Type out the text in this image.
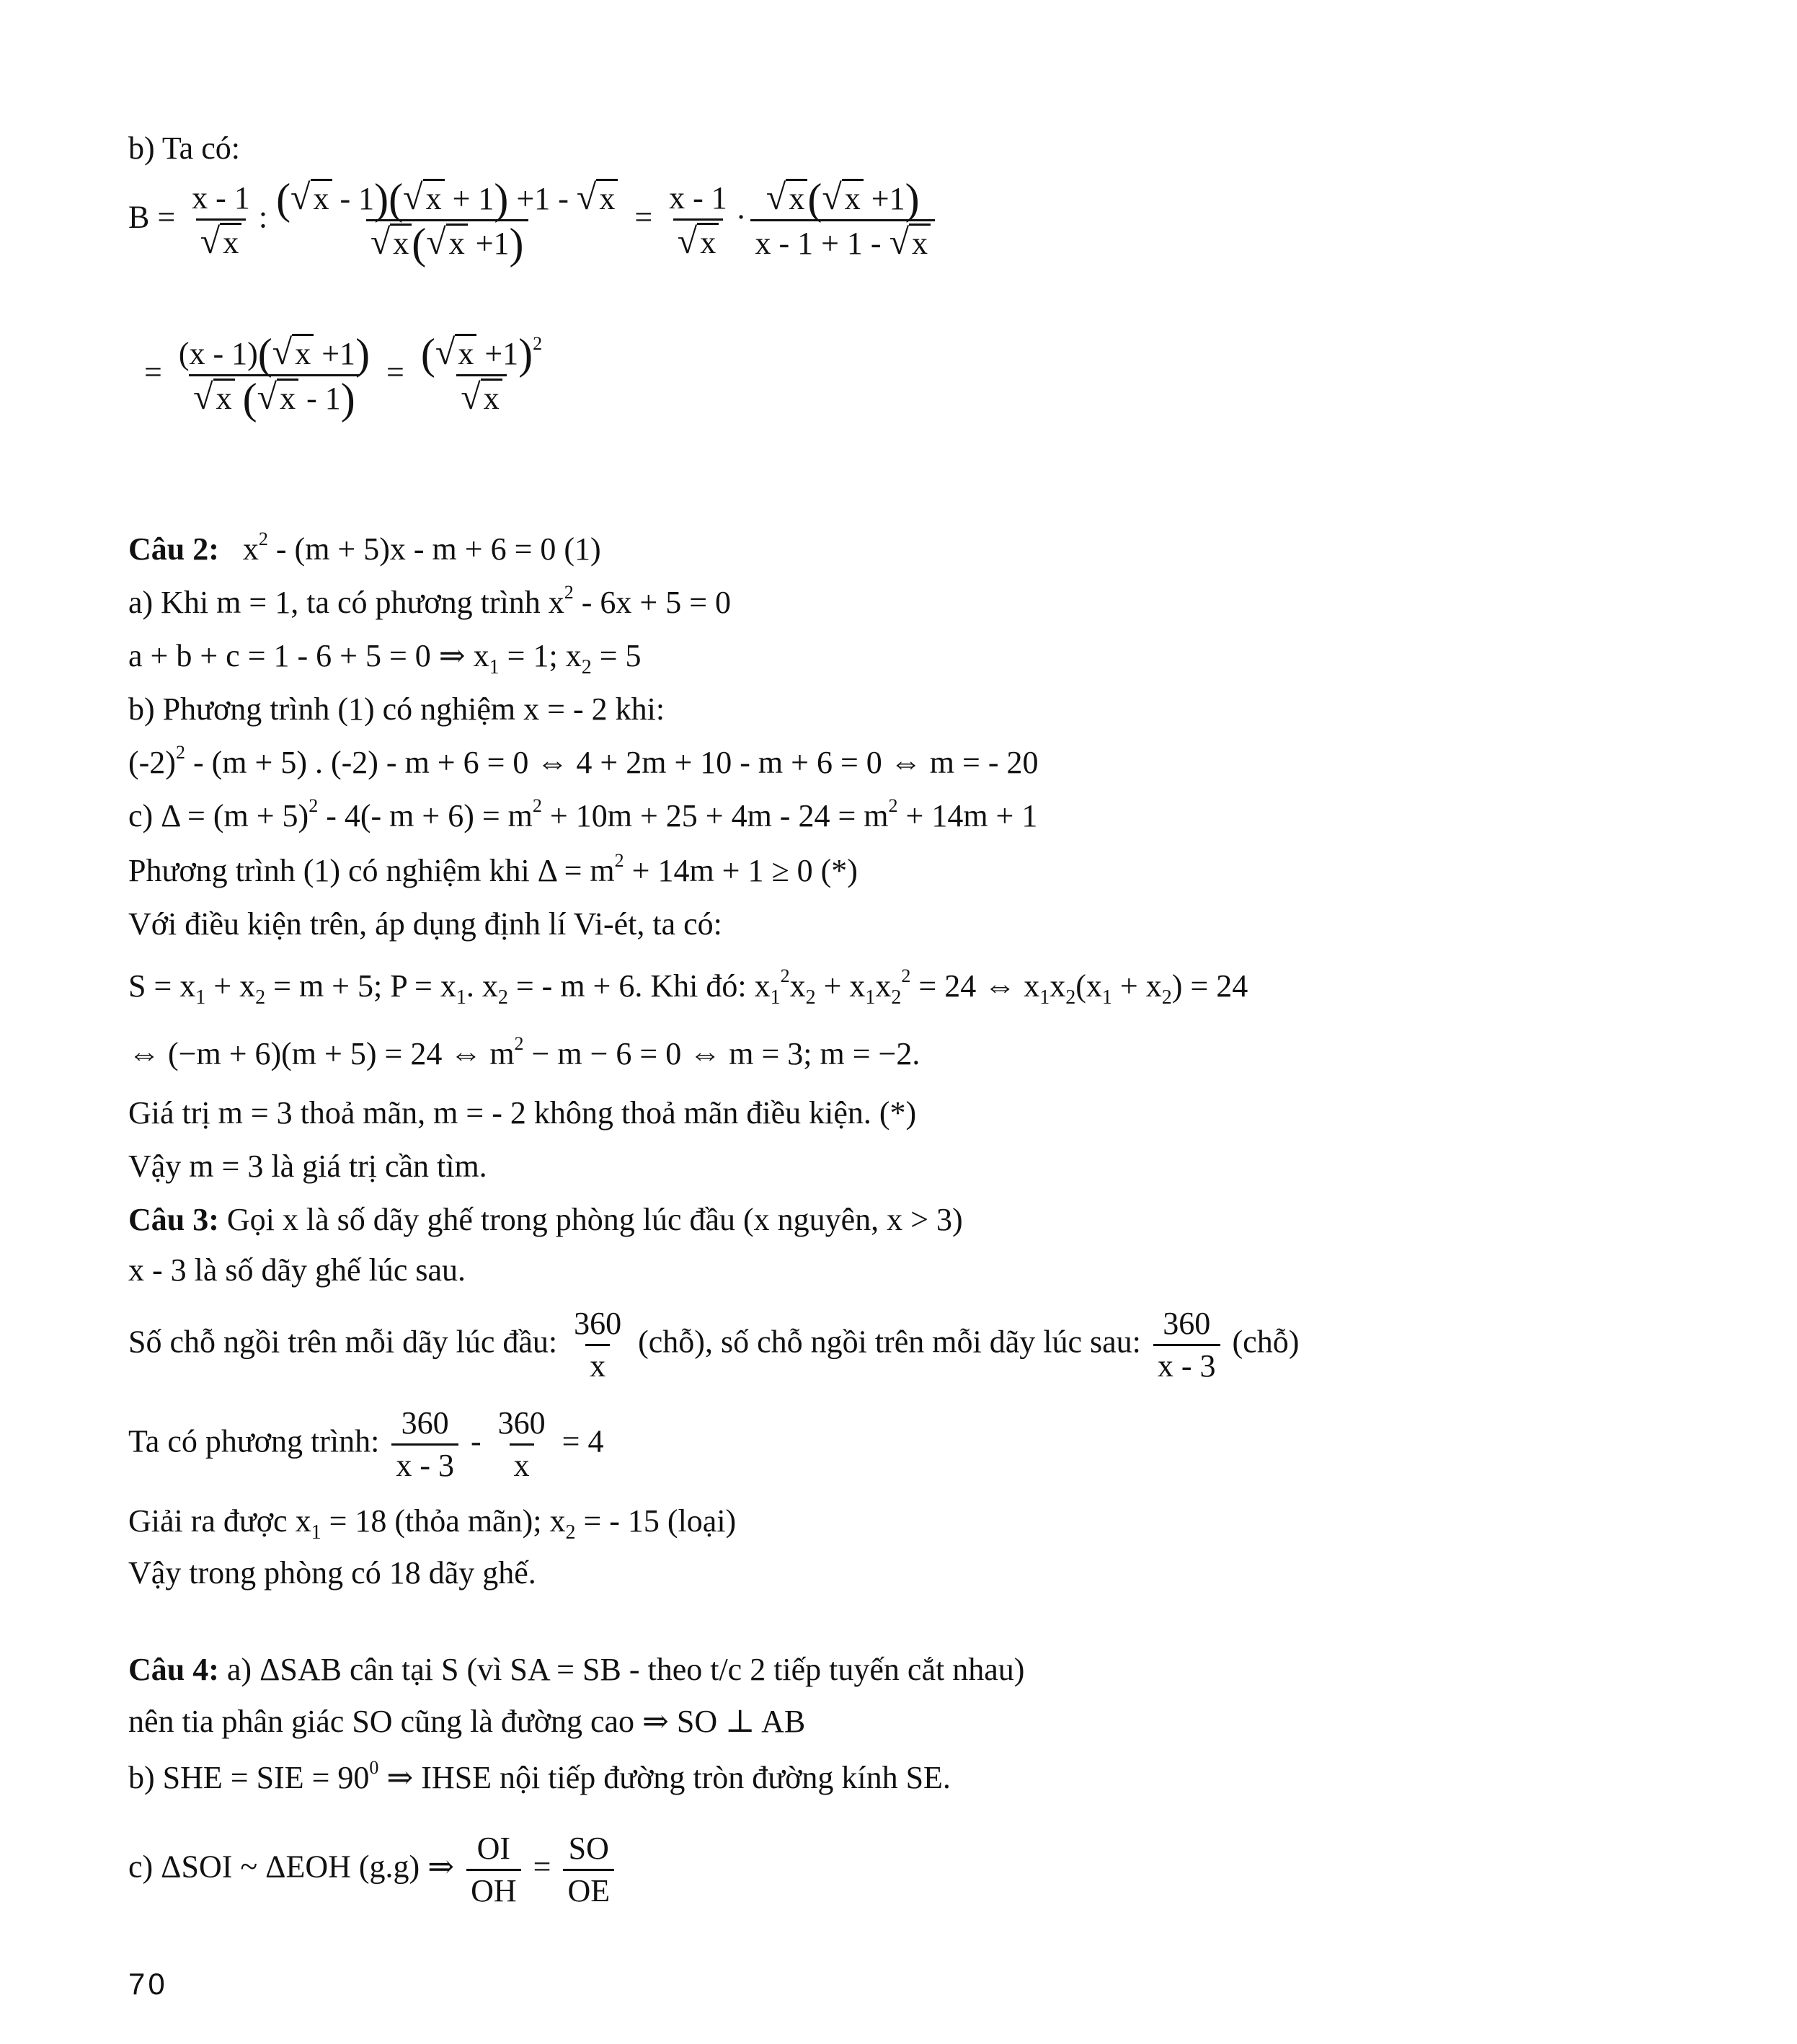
b) Ta có:
$B = \frac{x - 1}{√x}$ : $\frac{(√x - 1)(√x + 1) +1 - √x}{√x(√x +1)} = \frac{x - 1}{√x} \cdot \frac{√x(√x +1)}{x - 1 + 1 - √x}$
= $\frac{(x - 1)(√x +1)}{√x (√x - 1)} = \frac{(√x +1)^2}{√x}$
Câu 2: $x^2 - (m + 5)x - m + 6 = 0$ (1)
a) Khi m = 1, ta có phương trình $x^2 - 6x + 5 = 0$
a + b + c = 1 - 6 + 5 = 0 ⇒ $x_1 = 1$; $x_2 = 5$
b) Phương trình (1) có nghiệm x = - 2 khi:
$(-2)^2 - (m + 5)$ . (-2) - m + 6 = 0 ⇔ 4 + 2m + 10 - m + 6 = 0 ⇔ m = - 20
c) $\Delta = (m + 5)^2 - 4(-$ $m + 6) = m^2 + 10m + 25 + 4m - 24 = m^2 + 14m + 1$
Phương trình (1) có nghiệm khi $\Delta = m^2 + 14m + 1 \ge 0$ (*)
Với điều kiện trên, áp dụng định lí Vi-ét, ta có:
$S = x_1 + x_2 = m + 5$; $P = x_1$. $x_2$ = - m + 6. Khi đó: $x_1^2x_2 + x_1x_2^2 = 24$ ⇔ $x_1x_2(x_1 + x_2) = 24$
⇔ (−m + 6)(m + 5) = 24 ⇔ $m^2 - m - 6 = 0$ ⇔ m = 3; m = −2.
Giá trị m = 3 thoả mãn, m = - 2 không thoả mãn điều kiện. (*)
Vậy m = 3 là giá trị cần tìm.
Câu 3: Gọi x là số dãy ghế trong phòng lúc đầu (x nguyên, x > 3)
x - 3 là số dãy ghế lúc sau.
Số chỗ ngồi trên mỗi dãy lúc đầu: $\frac{360}{x}$ (chỗ), số chỗ ngồi trên mỗi dãy lúc sau: $\frac{360}{x - 3}$ (chỗ)
Ta có phương trình: $\frac{360}{x - 3} - \frac{360}{x} = 4$
Giải ra được $x_1 = 18$ (thỏa mãn); $x_2$ = - 15 (loại)
Vậy trong phòng có 18 dãy ghế.
Câu 4: a) ΔSAB cân tại S (vì SA = SB - theo t/c 2 tiếp tuyến cắt nhau)
nên tia phân giác SO cũng là đường cao ⇒ SO ⊥ AB
b) SHE = SIE = $90^0$ ⇒ IHSE nội tiếp đường tròn đường kính SE.
c) ΔSOI ~ ΔEOH (g.g) ⇒ $\frac{OI}{OH} = \frac{SO}{OE}$
70
